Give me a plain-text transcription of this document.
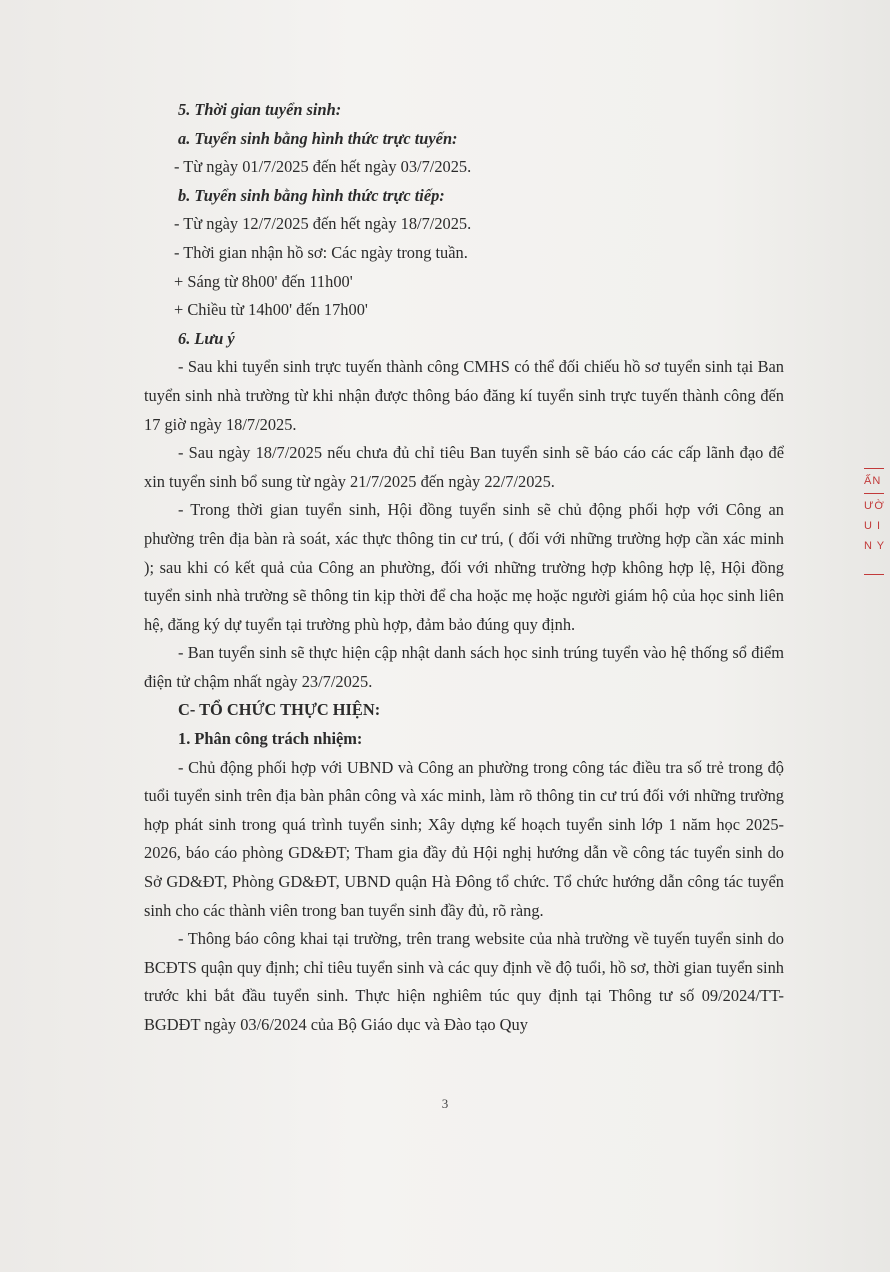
5. Thời gian tuyển sinh:

a. Tuyển sinh bằng hình thức trực tuyến:

- Từ ngày 01/7/2025 đến hết ngày 03/7/2025.

b. Tuyển sinh bằng hình thức trực tiếp:

- Từ ngày 12/7/2025 đến hết ngày 18/7/2025.

- Thời gian nhận hồ sơ: Các ngày trong tuần.

+ Sáng từ 8h00' đến 11h00'

+ Chiều từ 14h00' đến 17h00'

6. Lưu ý

- Sau khi tuyển sinh trực tuyến thành công CMHS có thể đối chiếu hồ sơ tuyển sinh tại Ban tuyển sinh nhà trường từ khi nhận được thông báo đăng kí tuyển sinh trực tuyến thành công đến 17 giờ ngày 18/7/2025.

- Sau ngày 18/7/2025 nếu chưa đủ chỉ tiêu Ban tuyển sinh sẽ báo cáo các cấp lãnh đạo để xin tuyển sinh bổ sung từ ngày 21/7/2025 đến ngày 22/7/2025.

- Trong thời gian tuyển sinh, Hội đồng tuyển sinh sẽ chủ động phối hợp với Công an phường trên địa bàn rà soát, xác thực thông tin cư trú, ( đối với những trường hợp cần xác minh ); sau khi có kết quả của Công an phường, đối với những trường hợp không hợp lệ, Hội đồng tuyển sinh nhà trường sẽ thông tin kịp thời để cha hoặc mẹ hoặc người giám hộ của học sinh liên hệ, đăng ký dự tuyển tại trường phù hợp, đảm bảo đúng quy định.

- Ban tuyển sinh sẽ thực hiện cập nhật danh sách học sinh trúng tuyển vào hệ thống sổ điểm điện tử chậm nhất ngày 23/7/2025.

C- TỔ CHỨC THỰC HIỆN:

1. Phân công trách nhiệm:

- Chủ động phối hợp với UBND và Công an phường trong công tác điều tra số trẻ trong độ tuổi tuyển sinh trên địa bàn phân công và xác minh, làm rõ thông tin cư trú đối với những trường hợp phát sinh trong quá trình tuyển sinh; Xây dựng kế hoạch tuyển sinh lớp 1 năm học 2025-2026, báo cáo phòng GD&ĐT; Tham gia đầy đủ Hội nghị hướng dẫn về công tác tuyển sinh do Sở GD&ĐT, Phòng GD&ĐT, UBND quận Hà Đông tổ chức. Tổ chức hướng dẫn công tác tuyển sinh cho các thành viên trong ban tuyển sinh đầy đủ, rõ ràng.

- Thông báo công khai tại trường, trên trang website của nhà trường về tuyến tuyển sinh do BCĐTS quận quy định; chỉ tiêu tuyển sinh và các quy định về độ tuổi, hồ sơ, thời gian tuyển sinh trước khi bắt đầu tuyển sinh. Thực hiện nghiêm túc quy định tại Thông tư số 09/2024/TT-BGDĐT ngày 03/6/2024 của Bộ Giáo dục và Đào tạo Quy

3
ẤN
ƯỜ
U I
N Y
